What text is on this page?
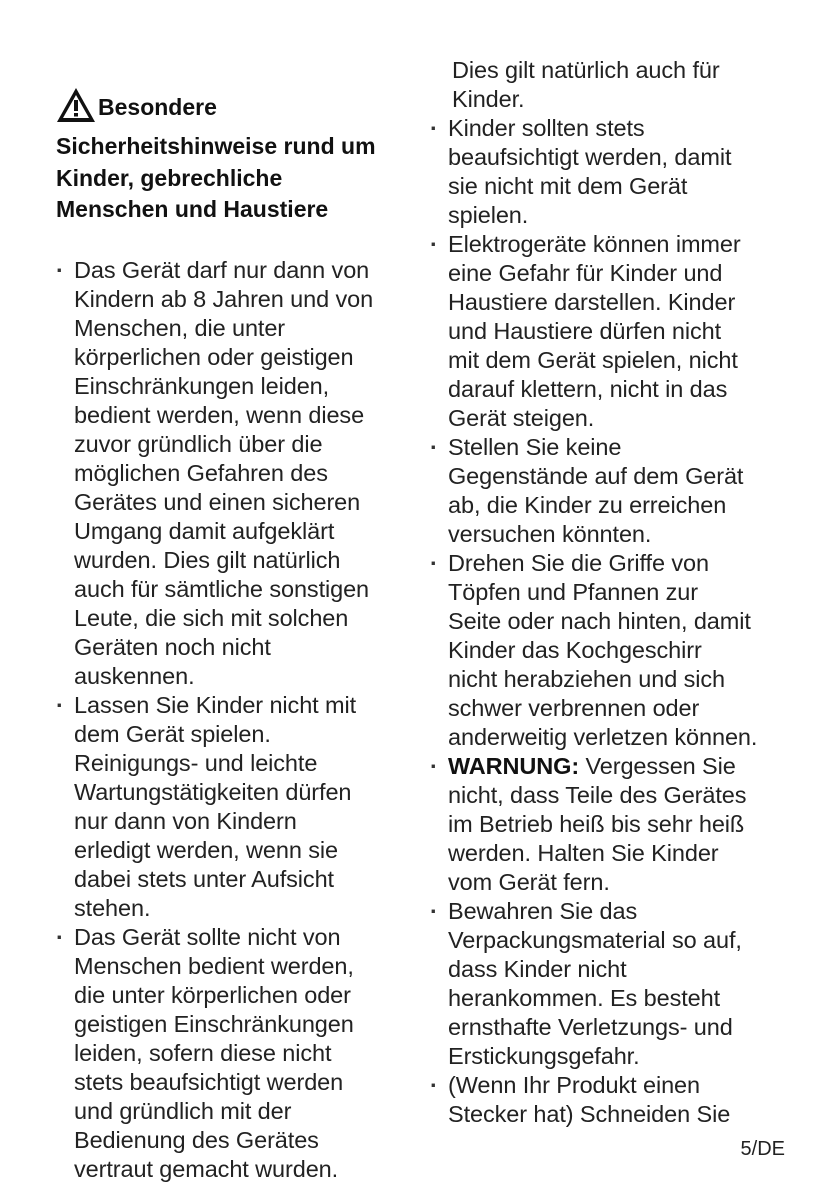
Besondere

Sicherheitshinweise rund um
Kinder, gebrechliche
Menschen und Haustiere

· Das Gerät darf nur dann von
Kindern ab 8 Jahren und von
Menschen, die unter
körperlichen oder geistigen
Einschränkungen leiden,
bedient werden, wenn diese
zuvor gründlich über die
möglichen Gefahren des
Gerätes und einen sicheren
Umgang damit aufgeklärt
wurden. Dies gilt natürlich
auch für sämtliche sonstigen
Leute, die sich mit solchen
Geräten noch nicht
auskennen.
· Lassen Sie Kinder nicht mit
dem Gerät spielen.
Reinigungs- und leichte
Wartungstätigkeiten dürfen
nur dann von Kindern
erledigt werden, wenn sie
dabei stets unter Aufsicht
stehen.
· Das Gerät sollte nicht von
Menschen bedient werden,
die unter körperlichen oder
geistigen Einschränkungen
leiden, sofern diese nicht
stets beaufsichtigt werden
und gründlich mit der
Bedienung des Gerätes
vertraut gemacht wurden.
Dies gilt natürlich auch für
Kinder.
· Kinder sollten stets
beaufsichtigt werden, damit
sie nicht mit dem Gerät
spielen.
· Elektrogeräte können immer
eine Gefahr für Kinder und
Haustiere darstellen. Kinder
und Haustiere dürfen nicht
mit dem Gerät spielen, nicht
darauf klettern, nicht in das
Gerät steigen.
· Stellen Sie keine
Gegenstände auf dem Gerät
ab, die Kinder zu erreichen
versuchen könnten.
· Drehen Sie die Griffe von
Töpfen und Pfannen zur
Seite oder nach hinten, damit
Kinder das Kochgeschirr
nicht herabziehen und sich
schwer verbrennen oder
anderweitig verletzen können.
· WARNUNG: Vergessen Sie
nicht, dass Teile des Gerätes
im Betrieb heiß bis sehr heiß
werden. Halten Sie Kinder
vom Gerät fern.
· Bewahren Sie das
Verpackungsmaterial so auf,
dass Kinder nicht
herankommen. Es besteht
ernsthafte Verletzungs- und
Erstickungsgefahr.
· (Wenn Ihr Produkt einen
Stecker hat) Schneiden Sie
5/DE
